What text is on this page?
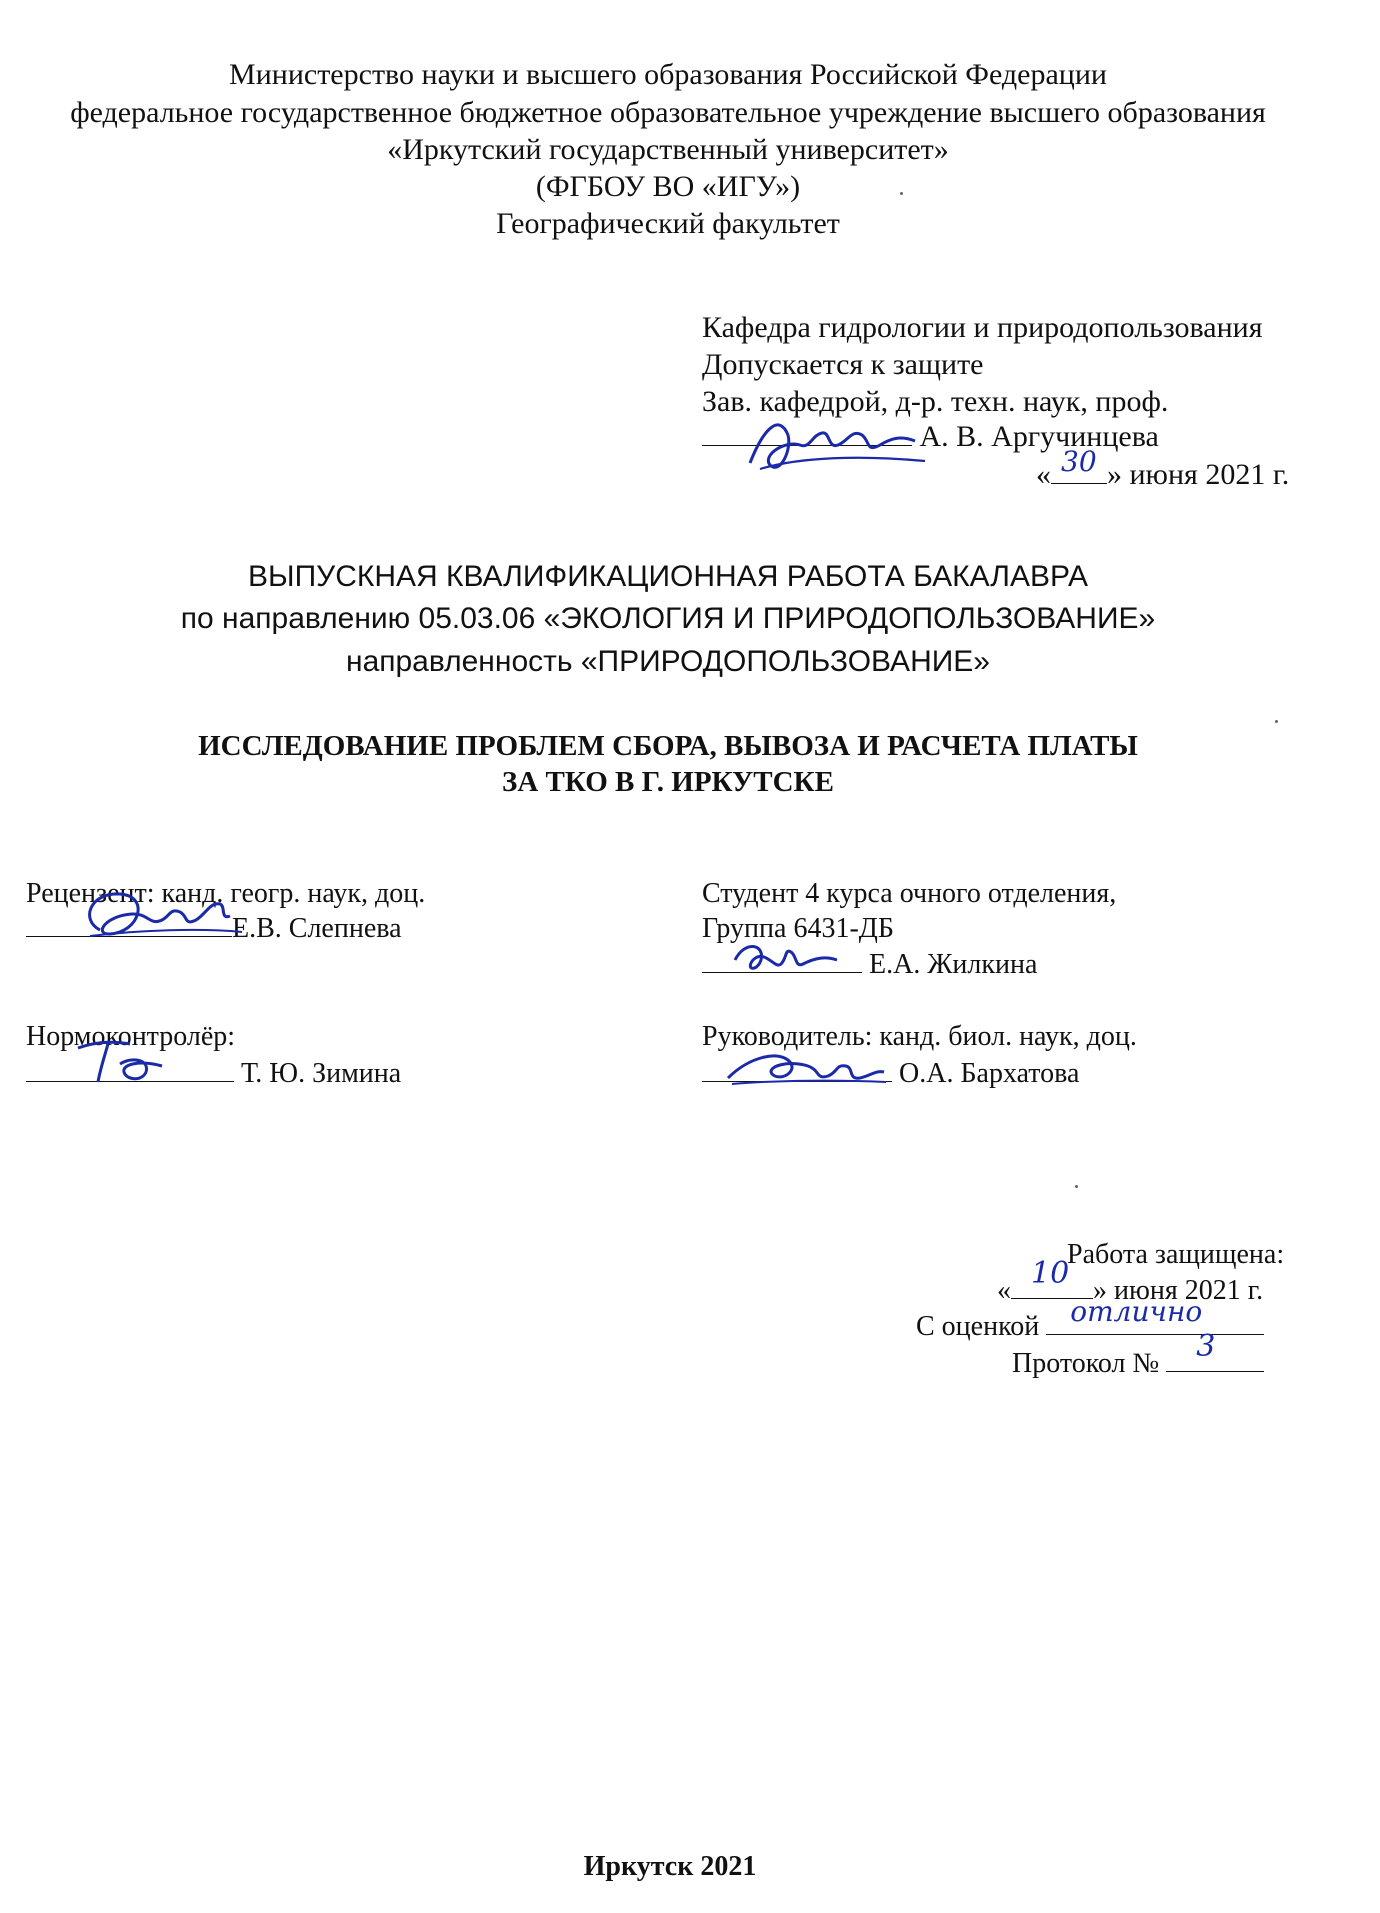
Министерство науки и высшего образования Российской Федерации
федеральное государственное бюджетное образовательное учреждение высшего образования
«Иркутский государственный университет»
(ФГБОУ ВО «ИГУ»)
Географический факультет
Кафедра гидрологии и природопользования
Допускается к защите
Зав. кафедрой, д-р. техн. наук, проф.
А. В. Аргучинцева
« 30 » июня 2021 г.
ВЫПУСКНАЯ КВАЛИФИКАЦИОННАЯ РАБОТА БАКАЛАВРА
по направлению 05.03.06 «ЭКОЛОГИЯ И ПРИРОДОПОЛЬЗОВАНИЕ»
направленность «ПРИРОДОПОЛЬЗОВАНИЕ»
ИССЛЕДОВАНИЕ ПРОБЛЕМ СБОРА, ВЫВОЗА И РАСЧЕТА ПЛАТЫ
ЗА ТКО В Г. ИРКУТСКЕ
Рецензент: канд. геогр. наук, доц.
Е.В. Слепнева
Нормоконтролёр:
Т. Ю. Зимина
Студент 4 курса очного отделения,
Группа 6431-ДБ
Е.А. Жилкина
Руководитель: канд. биол. наук, доц.
О.А. Бархатова
Работа защищена:
« 10 » июня 2021 г.
С оценкой отлично
Протокол № 3
Иркутск 2021
